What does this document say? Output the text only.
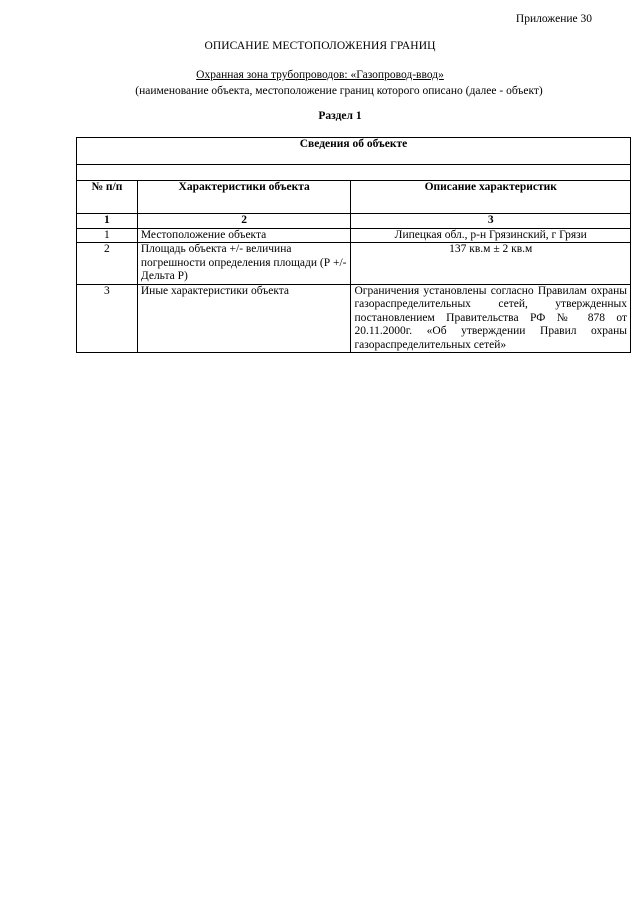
Приложение 30
ОПИСАНИЕ МЕСТОПОЛОЖЕНИЯ ГРАНИЦ
Охранная зона трубопроводов: «Газопровод-ввод»
(наименование объекта, местоположение границ которого описано (далее - объект)
Раздел 1
Сведения об объекте		

№ п/п	Характеристики объекта	Описание характеристик
1	2	3
1	Местоположение объекта	Липецкая обл., р-н Грязинский, г Грязи
2	Площадь объекта +/- величина погрешности определения площади (Р +/- Дельта Р)	137 кв.м ± 2 кв.м
3	Иные характеристики объекта	Ограничения установлены согласно Правилам охраны газораспределительных сетей, утвержденных постановлением Правительства РФ № 878 от 20.11.2000г. «Об утверждении Правил охраны газораспределительных сетей»
